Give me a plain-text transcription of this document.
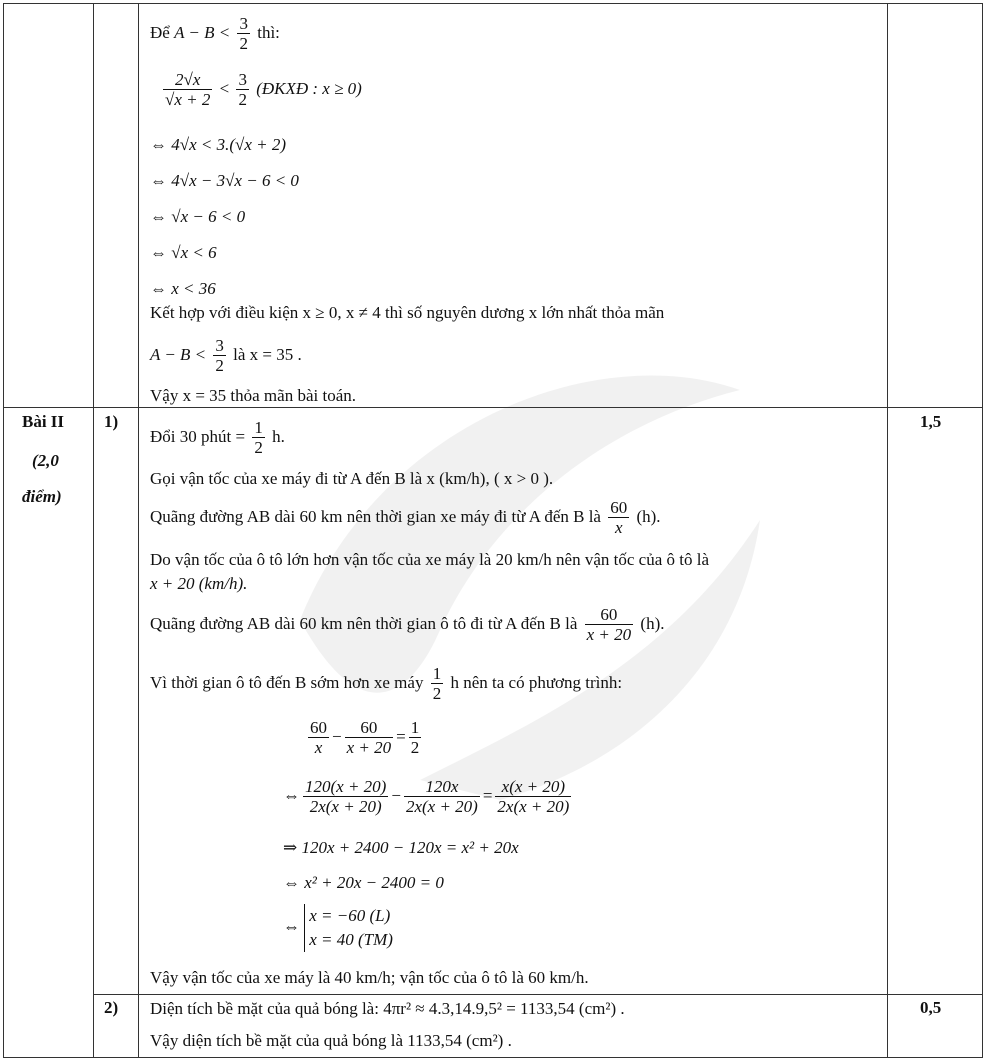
Để $A - B < \frac{3}{2}$ thì:
$\frac{2√x}{√x + 2} < \frac{3}{2}$ (ĐKXĐ : x ≥ 0)
⇔ 4√x < 3.(√x + 2)
⇔ 4√x − 3√x − 6 < 0
⇔ √x − 6 < 0
⇔ √x < 6
⇔ x < 36
Kết hợp với điều kiện x ≥ 0, x ≠ 4 thì số nguyên dương x lớn nhất thỏa mãn
$A - B < \frac{3}{2}$ là x = 35 .
Vậy x = 35 thỏa mãn bài toán.
Bài II
(2,0
điểm)
1)	1,5
Đổi 30 phút = $\frac{1}{2} h$.
Gọi vận tốc của xe máy đi từ A đến B là x (km/h), ( x > 0 ).
Quãng đường AB dài 60 km nên thời gian xe máy đi từ A đến B là $\frac{60}{x} (h)$.
Do vận tốc của ô tô lớn hơn vận tốc của xe máy là 20 km/h nên vận tốc của ô tô là
x + 20 (km/h).
Quãng đường AB dài 60 km nên thời gian ô tô đi từ A đến B là $\frac{60}{x + 20} (h)$.
Vì thời gian ô tô đến B sớm hơn xe máy $\frac{1}{2}$ h nên ta có phương trình:
$\frac{60}{x} - \frac{60}{x + 20} = \frac{1}{2}$
⇔ $\frac{120(x + 20)}{2x(x + 20)} - \frac{120x}{2x(x + 20)} = \frac{x(x + 20)}{2x(x + 20)}$
⇒ 120x + 2400 − 120x = x² + 20x
⇔ x² + 20x − 2400 = 0
⇔
x = −60 (L)
x = 40 (TM)
Vậy vận tốc của xe máy là 40 km/h; vận tốc của ô tô là 60 km/h.
2)	0,5
Diện tích bề mặt của quả bóng là: 4πr² ≈ 4.3,14.9,5² = 1133,54 (cm²) .
Vậy diện tích bề mặt của quả bóng là 1133,54 (cm²) .
